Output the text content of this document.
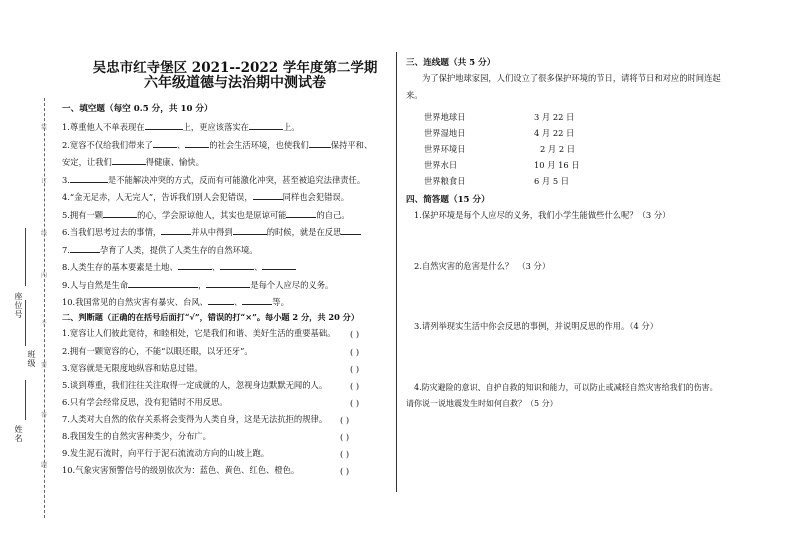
座位号
班级
姓名
装
订
线
内
不
要
答
题
吴忠市红寺堡区 2021--2022 学年度第二学期
六年级道德与法治期中测试卷
一、填空题（每空 0.5 分，共 10 分）
1.尊重他人不单表现在	上，更应该落实在	上。
2.宽容不仅给我们带来了	、	的社会生活环境，也使我们	保持平和、
安定，让我们	得健康、愉快。
3.	是不能解决冲突的方式，反而有可能激化冲突，甚至被追究法律责任。
4.“金无足赤，人无完人”，告诉我们别人会犯错误，	同样也会犯错误。
5.拥有一颗	的心，学会原谅他人，其实也是原谅可能	的自己。
6.当我们思考过去的事情，	并从中得到	的时候，就是在反思
7.	孕育了人类，提供了人类生存的自然环境。
8.人类生存的基本要素是土地、	、	、
9.人与自然是生命	，	是每个人应尽的义务。
10.我国常见的自然灾害有暴灾、台风、	、	等。
二、判断题（正确的在括号后面打“√”，错误的打“×”。每小题 2 分，共 20 分）
1.宽容让人们彼此宽待，和睦相处，它是我们和谐、美好生活的重要基础。 ( )
2.拥有一颗宽容的心，不能“以眼还眼，以牙还牙”。	( )
3.宽容就是无限度地纵容和姑息过错。	( )
5.谈到尊重，我们往往关注取得一定成就的人，忽视身边默默无闻的人。	( )
6.只有学会经常反思，没有犯错时不用反思。	( )
7.人类对大自然的依存关系将会变得为人类自身，这是无法抗拒的规律。 ( )
8.我国发生的自然灾害种类少，分布广。	( )
9.发生泥石流时，向平行于泥石流流动方向的山坡上跑。	( )
10.气象灾害预警信号的级别依次为：蓝色、黄色、红色、橙色。	( )
三、连线题（共 5 分）
为了保护地球家园，人们设立了很多保护环境的节日，请将节日和对应的时间连起
来。
世界地球日	3 月 22 日
世界湿地日	4 月 22 日
世界环境日	2 月 2 日
世界水日	10 月 16 日
世界粮食日	6 月 5 日
四、简答题（15 分）
1.保护环境是每个人应尽的义务，我们小学生能做些什么呢？（3 分）
2.自然灾害的危害是什么？　（3 分）
3.请列举现实生活中你会反思的事例，并说明反思的作用。（4 分）
4.防灾避险的意识、自护自救的知识和能力，可以防止或减轻自然灾害给我们的伤害。
请你说一说地震发生时如何自救？（5 分）
